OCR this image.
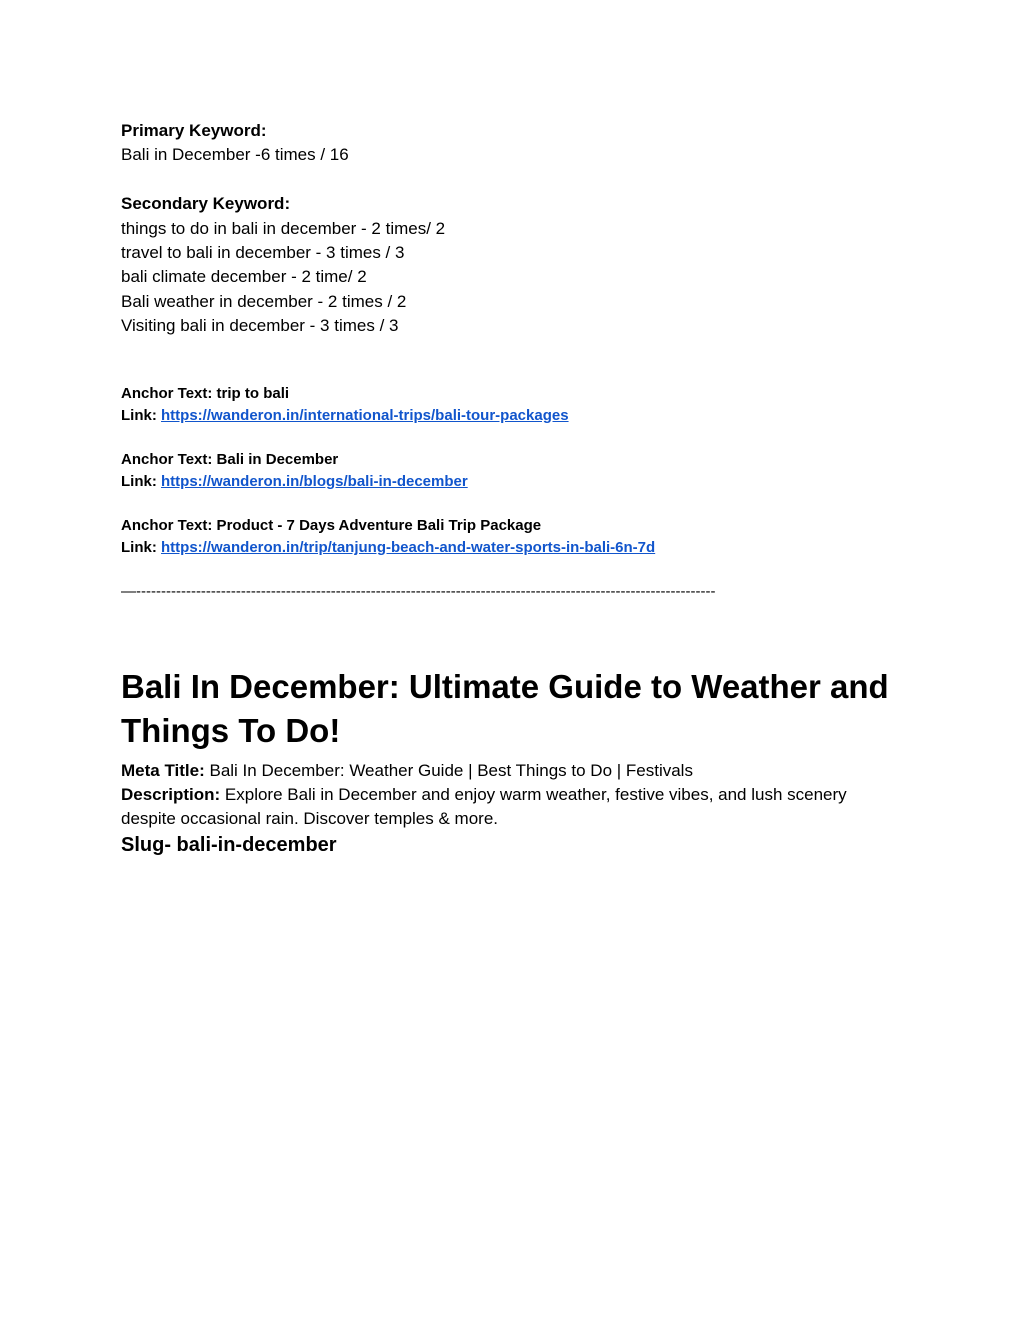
Primary Keyword:

Bali in December -6 times / 16

Secondary Keyword:

things to do in bali in december - 2 times/ 2

travel to bali in december - 3 times / 3

bali climate december - 2 time/ 2

Bali weather in december - 2 times / 2

Visiting bali in december - 3 times / 3

Anchor Text: trip to bali

Link: https://wanderon.in/international-trips/bali-tour-packages

Anchor Text: Bali in December

Link: https://wanderon.in/blogs/bali-in-december

Anchor Text: Product - 7 Days Adventure Bali Trip Package

Link: https://wanderon.in/trip/tanjung-beach-and-water-sports-in-bali-6n-7d

—--------------------------------------------------------------------------------------------------------------------

Bali In December: Ultimate Guide to Weather and Things To Do!

Meta Title: Bali In December: Weather Guide | Best Things to Do | Festivals

Description: Explore Bali in December and enjoy warm weather, festive vibes, and lush scenery despite occasional rain. Discover temples & more.

Slug- bali-in-december
